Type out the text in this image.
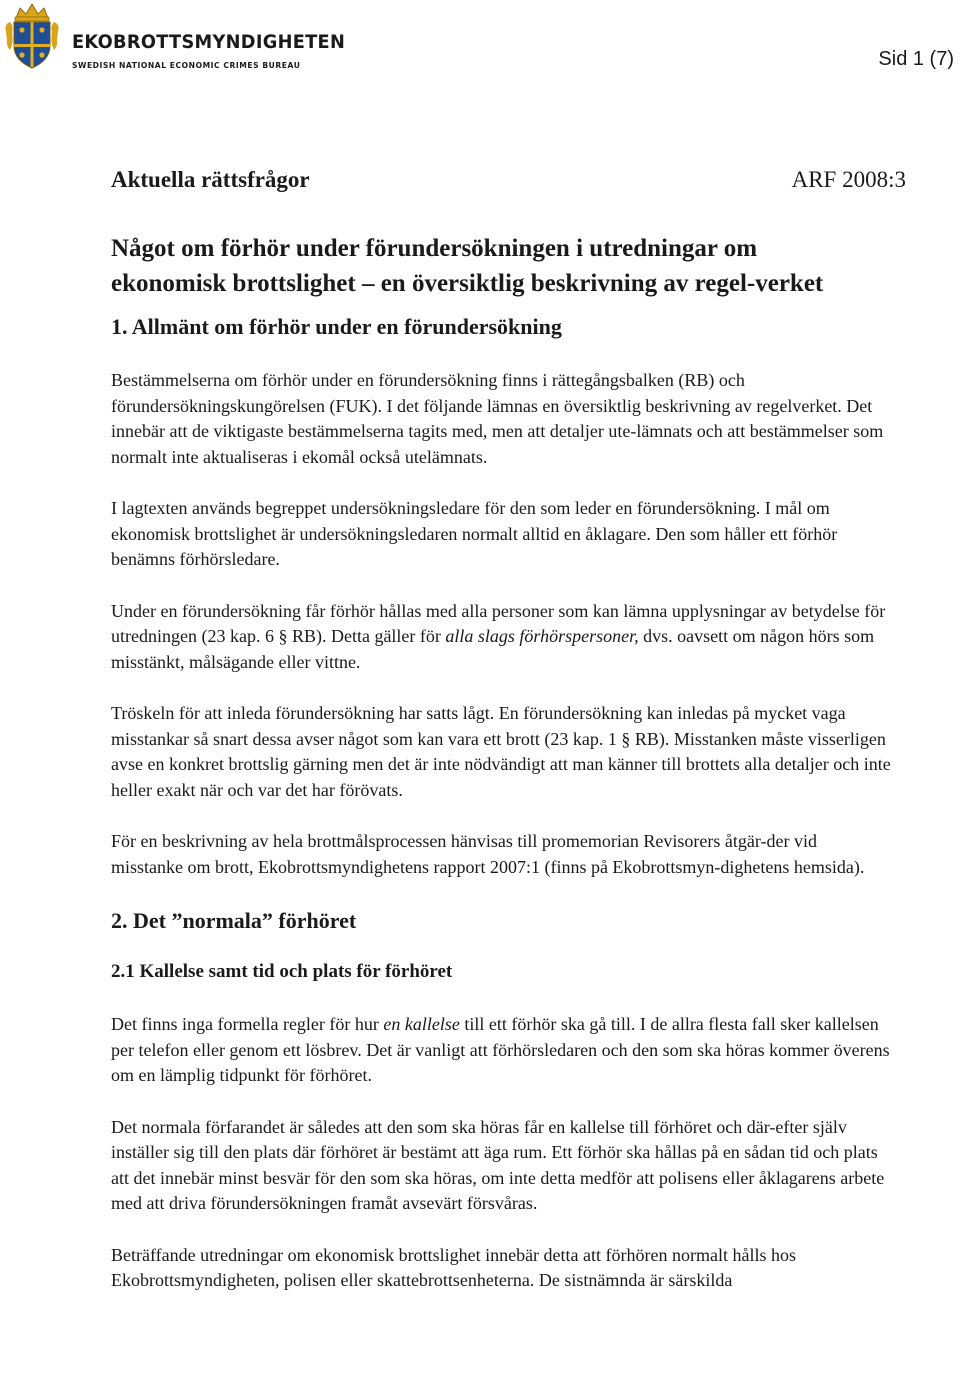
EKOBROTTSMYNDIGHETEN
SWEDISH NATIONAL ECONOMIC CRIMES BUREAU	Sid 1 (7)
Aktuella rättsfrågor	ARF 2008:3
Något om förhör under förundersökningen i utredningar om ekonomisk brottslighet – en översiktlig beskrivning av regel-verket
1. Allmänt om förhör under en förundersökning

Bestämmelserna om förhör under en förundersökning finns i rättegångsbalken (RB) och förundersökningskungörelsen (FUK). I det följande lämnas en översiktlig beskrivning av regelverket. Det innebär att de viktigaste bestämmelserna tagits med, men att detaljer ute-lämnats och att bestämmelser som normalt inte aktualiseras i ekomål också utelämnats.

I lagtexten används begreppet undersökningsledare för den som leder en förundersökning. I mål om ekonomisk brottslighet är undersökningsledaren normalt alltid en åklagare. Den som håller ett förhör benämns förhörsledare.

Under en förundersökning får förhör hållas med alla personer som kan lämna upplysningar av betydelse för utredningen (23 kap. 6 § RB). Detta gäller för alla slags förhörspersoner, dvs. oavsett om någon hörs som misstänkt, målsägande eller vittne.

Tröskeln för att inleda förundersökning har satts lågt. En förundersökning kan inledas på mycket vaga misstankar så snart dessa avser något som kan vara ett brott (23 kap. 1 § RB). Misstanken måste visserligen avse en konkret brottslig gärning men det är inte nödvändigt att man känner till brottets alla detaljer och inte heller exakt när och var det har förövats.

För en beskrivning av hela brottmålsprocessen hänvisas till promemorian Revisorers åtgär-der vid misstanke om brott, Ekobrottsmyndighetens rapport 2007:1 (finns på Ekobrottsmyn-dighetens hemsida).

2. Det ”normala” förhöret
2.1 Kallelse samt tid och plats för förhöret

Det finns inga formella regler för hur en kallelse till ett förhör ska gå till. I de allra flesta fall sker kallelsen per telefon eller genom ett lösbrev. Det är vanligt att förhörsledaren och den som ska höras kommer överens om en lämplig tidpunkt för förhöret.

Det normala förfarandet är således att den som ska höras får en kallelse till förhöret och där-efter själv inställer sig till den plats där förhöret är bestämt att äga rum. Ett förhör ska hållas på en sådan tid och plats att det innebär minst besvär för den som ska höras, om inte detta medför att polisens eller åklagarens arbete med att driva förundersökningen framåt avsevärt försvåras.

Beträffande utredningar om ekonomisk brottslighet innebär detta att förhören normalt hålls hos Ekobrottsmyndigheten, polisen eller skattebrottsenheterna. De sistnämnda är särskilda
